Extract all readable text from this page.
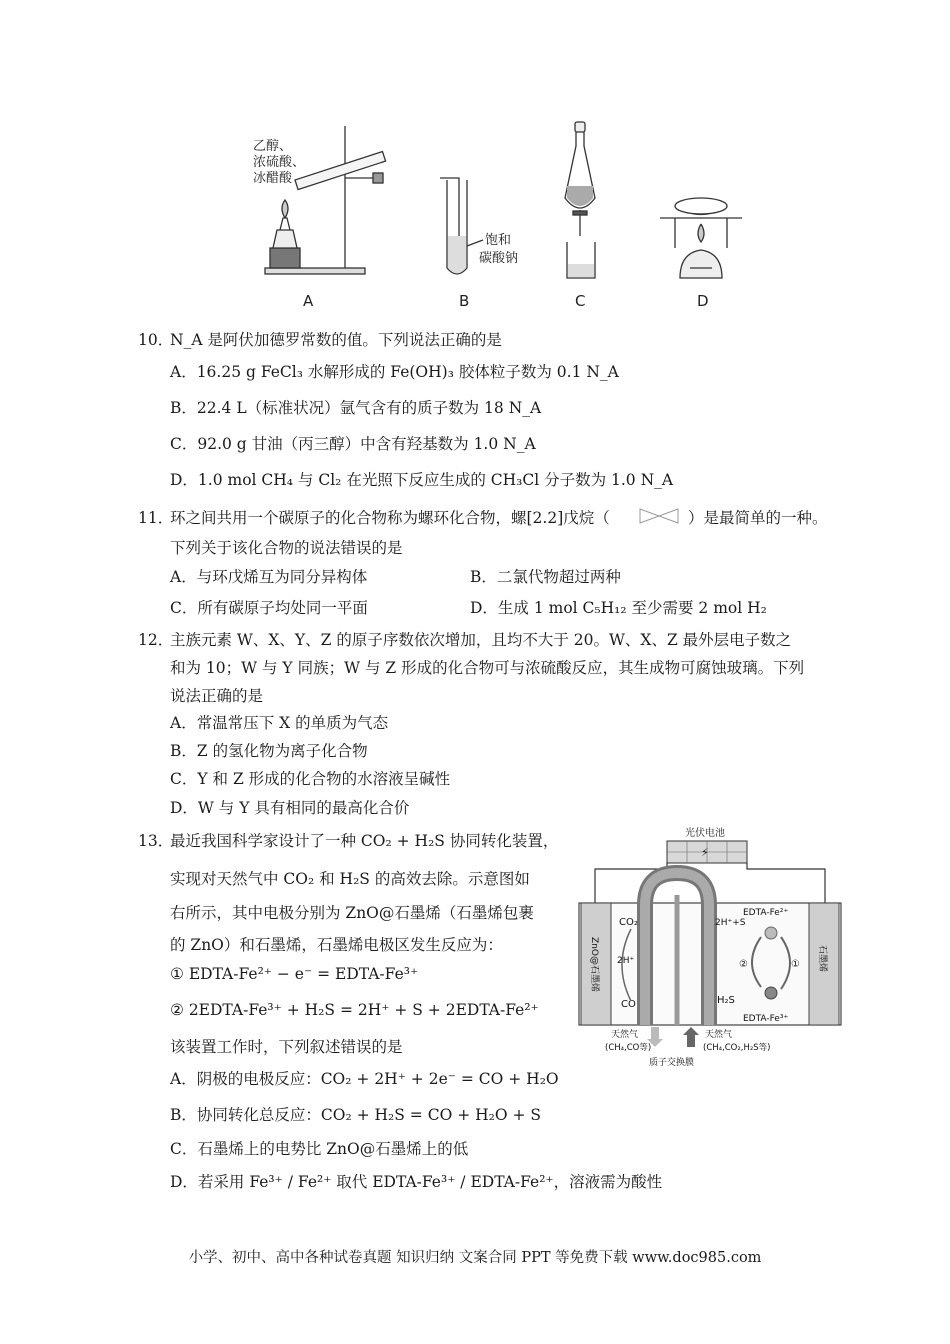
乙醇、
浓硫酸、
冰醋酸
饱和
碳酸钠
A	B	C	D
10．
N_A 是阿伏加德罗常数的值。下列说法正确的是
A．16.25 g FeCl₃ 水解形成的 Fe(OH)₃ 胶体粒子数为 0.1 N_A
B．22.4 L（标准状况）氩气含有的质子数为 18 N_A
C．92.0 g 甘油（丙三醇）中含有羟基数为 1.0 N_A
D．1.0 mol CH₄ 与 Cl₂ 在光照下反应生成的 CH₃Cl 分子数为 1.0 N_A
11．
环之间共用一个碳原子的化合物称为螺环化合物，螺[2.2]戊烷（	）是最简单的一种。
下列关于该化合物的说法错误的是
A．与环戊烯互为同分异构体	B．二氯代物超过两种
C．所有碳原子均处同一平面	D．生成 1 mol C₅H₁₂ 至少需要 2 mol H₂
12．
主族元素 W、X、Y、Z 的原子序数依次增加，且均不大于 20。W、X、Z 最外层电子数之
和为 10；W 与 Y 同族；W 与 Z 形成的化合物可与浓硫酸反应，其生成物可腐蚀玻璃。下列
说法正确的是
A．常温常压下 X 的单质为气态
B．Z 的氢化物为离子化合物
C．Y 和 Z 形成的化合物的水溶液呈碱性
D．W 与 Y 具有相同的最高化合价
13．
最近我国科学家设计了一种 CO₂ + H₂S 协同转化装置，
实现对天然气中 CO₂ 和 H₂S 的高效去除。示意图如
右所示，其中电极分别为 ZnO@石墨烯（石墨烯包裹
的 ZnO）和石墨烯，石墨烯电极区发生反应为：
① EDTA-Fe²⁺ − e⁻ = EDTA-Fe³⁺
② 2EDTA-Fe³⁺ + H₂S = 2H⁺ + S + 2EDTA-Fe²⁺
该装置工作时，下列叙述错误的是
A．阴极的电极反应：CO₂ + 2H⁺ + 2e⁻ = CO + H₂O
B．协同转化总反应：CO₂ + H₂S = CO + H₂O + S
C．石墨烯上的电势比 ZnO@石墨烯上的低
D．若采用 Fe³⁺ / Fe²⁺ 取代 EDTA-Fe³⁺ / EDTA-Fe²⁺，溶液需为酸性
光伏电池
⚡
ZnO@石墨烯	石墨烯
CO₂
CO
2H⁺
2H⁺+S
H₂S
EDTA-Fe²⁺
EDTA-Fe³⁺
②	①
天然气
(CH₄,CO等)
天然气
(CH₄,CO₂,H₂S等)
质子交换膜
小学、初中、高中各种试卷真题 知识归纳 文案合同 PPT 等免费下载 www.doc985.com
